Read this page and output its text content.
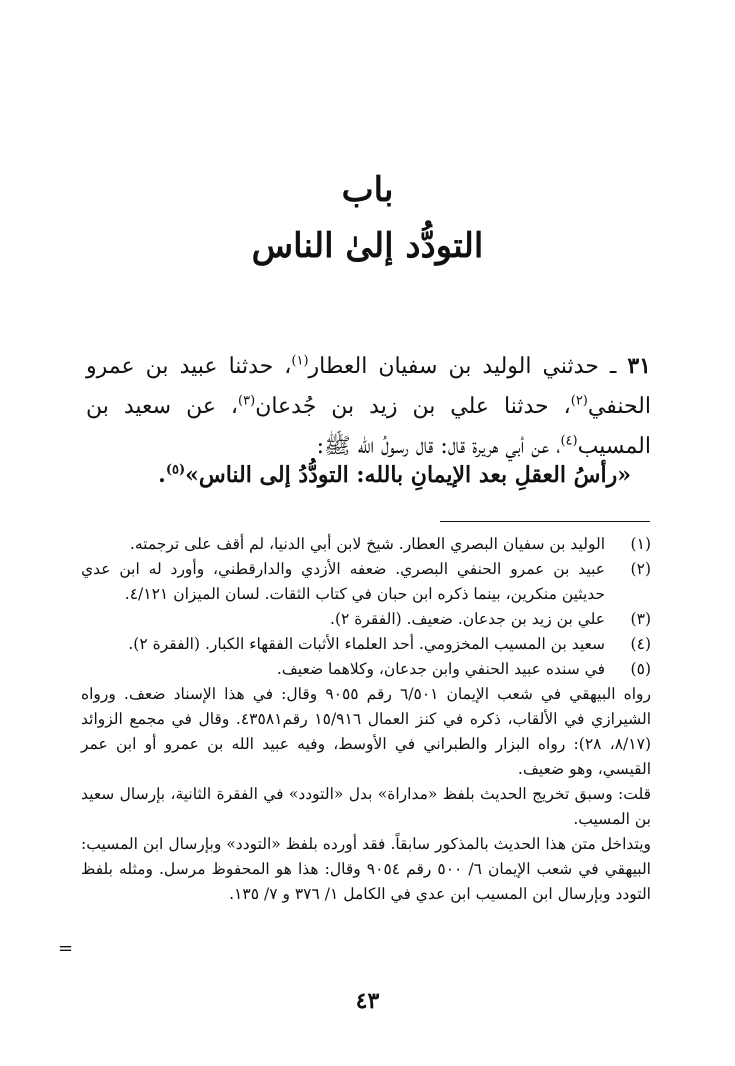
باب
التودُّد إلىٰ الناس

٣١ ـ حدثني الوليد بن سفيان العطار$^{(١)}$، حدثنا عبيد بن عمرو الحنفي$^{(٢)}$، حدثنا علي بن زيد بن جُدعان$^{(٣)}$، عن سعيد بن المسيب$^{(٤)}$، عن أبي هريرة قال: قال رسولُ الله ﷺ:

«رأسُ العقلِ بعد الإيمانِ بالله: التودُّدُ إلى الناس»$^{(٥)}$.
(١)
الوليد بن سفيان البصري العطار. شيخ لابن أبي الدنيا، لم أقف على ترجمته.
(٢)
عبيد بن عمرو الحنفي البصري. ضعفه الأزدي والدارقطني، وأورد له ابن عدي حديثين منكرين، بينما ذكره ابن حبان في كتاب الثقات. لسان الميزان ٤/١٢١.
(٣)
علي بن زيد بن جدعان. ضعيف. (الفقرة ٢).
(٤)
سعيد بن المسيب المخزومي. أحد العلماء الأثبات الفقهاء الكبار. (الفقرة ٢).
(٥)
في سنده عبيد الحنفي وابن جدعان، وكلاهما ضعيف.
رواه البيهقي في شعب الإيمان ٦/٥٠١ رقم ٩٠٥٥ وقال: في هذا الإسناد ضعف. ورواه الشيرازي في الألقاب، ذكره في كنز العمال ١٥/٩١٦ رقم٤٣٥٨١. وقال في مجمع الزوائد (٨/١٧، ٢٨): رواه البزار والطبراني في الأوسط، وفيه عبيد الله بن عمرو أو ابن عمر القيسي، وهو ضعيف.
قلت: وسبق تخريج الحديث بلفظ «مداراة» بدل «التودد» في الفقرة الثانية، بإرسال سعيد بن المسيب.
ويتداخل متن هذا الحديث بالمذكور سابقاً. فقد أورده بلفظ «التودد» وبإرسال ابن المسيب: البيهقي في شعب الإيمان ٦/ ٥٠٠ رقم ٩٠٥٤ وقال: هذا هو المحفوظ مرسل. ومثله بلفظ التودد وبإرسال ابن المسيب ابن عدي في الكامل ١/ ٣٧٦ و ٧/ ١٣٥.
=
٤٣
